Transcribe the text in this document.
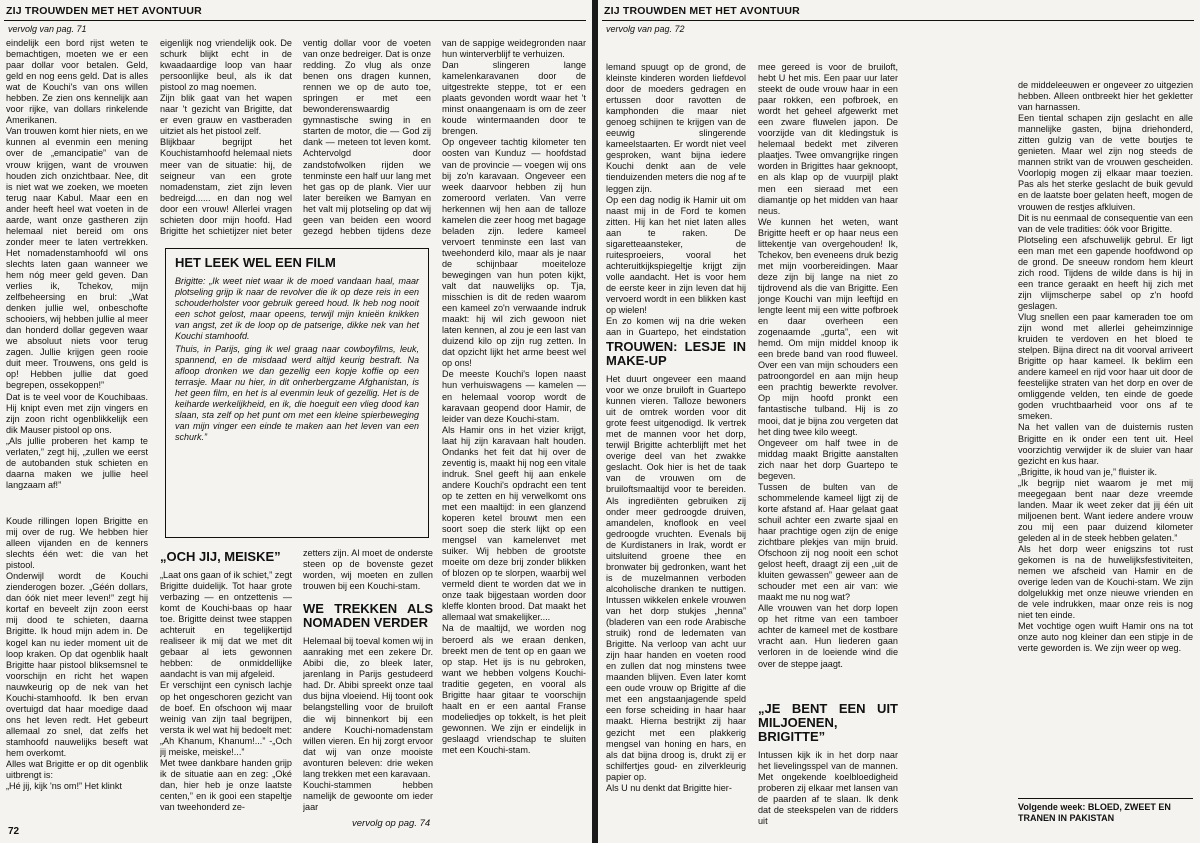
ZIJ TROUWDEN MET HET AVONTUUR
vervolg van pag. 71

eindelijk een bord rijst weten te bemachtigen, moeten we er een paar dollar voor betalen. Geld, geld en nog eens geld. Dat is alles wat de Kouchi's van ons willen hebben. Ze zien ons kennelijk aan voor rijke, van dollars rinkelende Amerikanen.
Van trouwen komt hier niets, en we kunnen al evenmin een mening over de „emancipatie” van de vrouw krijgen, want de vrouwen houden zich onzichtbaar. Nee, dit is niet wat we zoeken, we moeten terug naar Kabul. Maar een en ander heeft heel wat voeten in de aarde, want onze gastheren zijn helemaal niet bereid om ons zonder meer te laten vertrekken. Het nomadenstamhoofd wil ons slechts laten gaan wanneer we hem nóg meer geld geven. Dan verlies ik, Tchekov, mijn zelfbeheersing en brul: „Wat denken jullie wel, onbeschofte schooiers, wij hebben jullie al meer dan honderd dollar gegeven waar we absoluut niets voor terug zagen. Jullie krijgen geen rooie duit meer. Trouwens, ons geld is op! Hebben jullie dat goed begrepen, ossekoppen!”
Dat is te veel voor de Kouchibaas. Hij knipt even met zijn vingers en zijn zoon richt ogenblikkelijk een dik Mauser pistool op ons.
„Als jullie proberen het kamp te verlaten,” zegt hij, „zullen we eerst de autobanden stuk schieten en daarna maken we jullie heel langzaam af!”

Koude rillingen lopen Brigitte en mij over de rug. We hebben hier alleen vijanden en de kenners slechts één wet: die van het pistool.
Onderwijl wordt de Kouchi zienderogen bozer. „Géén dollars, dan óók niet meer leven!” zegt hij kortaf en beveelt zijn zoon eerst mij dood te schieten, daarna Brigitte. Ik houd mijn adem in. De kogel kan nu ieder moment uit de loop kraken. Op dat ogenblik haalt Brigitte haar pistool bliksemsnel te voorschijn en richt het wapen nauwkeurig op de nek van het Kouchi-stamhoofd. Ik ben ervan overtuigd dat haar moedige daad ons het leven redt. Het gebeurt allemaal zo snel, dat zelfs het stamhoofd nauwelijks beseft wat hem overkomt.
Alles wat Brigitte er op dit ogenblik uitbrengt is:
„Hé jij, kijk 'ns om!” Het klinkt

eigenlijk nog vriendelijk ook. De schurk blijkt echt in de kwaadaardige loop van haar persoonlijke beul, als ik dat pistool zo mag noemen.
Zijn blik gaat van het wapen naar 't gezicht van Brigitte, dat er even grauw en vastberaden uitziet als het pistool zelf.
Blijkbaar begrijpt het Kouchistamhoofd helemaal niets meer van de situatie: hij, de seigneur van een grote nomadenstam, ziet zijn leven bedreigd...... en dan nog wel door een vrouw! Allerlei vragen schieten door mijn hoofd. Had Brigitte het schietijzer niet beter

ventig dollar voor de voeten van onze bedreiger. Dat is onze redding. Zo vlug als onze benen ons dragen kunnen, rennen we op de auto toe, springen er met een bewonderenswaardig gymnastische swing in en starten de motor, die — God zij dank — meteen tot leven komt. Achtervolgd door zandstofwolken rijden we tenminste een half uur lang met het gas op de plank. Vier uur later bereiken we Bamyan en het valt mij plotseling op dat wij geen van beiden een woord gezegd hebben tijdens deze

van de sappige weidegronden naar hun winterverblijf te verhuizen.
Dan slingeren lange kamelenkaravanen door de uitgestrekte steppe, tot er een plaats gevonden wordt waar het 't minst onaangenaam is om de zeer koude wintermaanden door te brengen.
Op ongeveer tachtig kilometer ten oosten van Kunduz — hoofdstad van de provincie — voegen wij ons bij zo'n karavaan. Ongeveer een week daarvoor hebben zij hun zomeroord verlaten. Van verre herkennen wij hen aan de talloze kamelen die zeer hoog met bagage beladen zijn. Iedere kameel vervoert tenminste een last van tweehonderd kilo, maar als je naar de schijnbaar moeiteloze bewegingen van hun poten kijkt, valt dat nauwelijks op. Tja, misschien is dit de reden waarom een kameel zo'n verwaande indruk maakt: hij wil zich gewoon niet laten kennen, al zou je een last van duizend kilo op zijn rug zetten. In dat opzicht lijkt het arme beest wel op ons!
De meeste Kouchi's lopen naast hun verhuiswagens — kamelen — en helemaal voorop wordt de karavaan geopend door Hamir, de leider van deze Kouchi-stam.
Als Hamir ons in het vizier krijgt, laat hij zijn karavaan halt houden. Ondanks het feit dat hij over de zeventig is, maakt hij nog een vitale indruk. Snel geeft hij aan enkele andere Kouchi's opdracht een tent op te zetten en hij verwelkomt ons met een maaltijd: in een glanzend koperen ketel brouwt men een soort soep die sterk lijkt op een mengsel van kamelenvet met suiker. Wij hebben de grootste moeite om deze brij zonder blikken of blozen op te slorpen, waarbij wel vermeld dient te worden dat we in onze taak bijgestaan worden door kleffe klonten brood. Dat maakt het allemaal wat smakelijker....
Na de maaltijd, we worden nog beroerd als we eraan denken, breekt men de tent op en gaan we op stap. Het ijs is nu gebroken, want we hebben volgens Kouchi-traditie gegeten, en vooral als Brigitte haar gitaar te voorschijn haalt en er een aantal Franse modeliedjes op tokkelt, is het pleit gewonnen. We zijn er eindelijk in geslaagd vriendschap te sluiten met een Kouchi-stam.

HET LEEK WEL EEN FILM

Brigitte: „Ik weet niet waar ik de moed vandaan haal, maar plotseling grijp ik naar de revolver die ik op deze reis in een schouderholster voor gebruik gereed houd. Ik heb nog nooit een schot gelost, maar opeens, terwijl mijn knieën knikken van angst, zet ik de loop op de patserige, dikke nek van het Kouchi stamhoofd.

Thuis, in Parijs, ging ik wel graag naar cowboyfilms, leuk, spannend, en de misdaad werd altijd keurig bestraft. Na afloop dronken we dan gezellig een kopje koffie op een terrasje. Maar nu hier, in dit onherbergzame Afghanistan, is het geen film, en het is al evenmin leuk of gezellig. Het is de keiharde werkelijkheid, en ik, die hoeguit een vlieg dood kan slaan, sta zelf op het punt om met een kleine spierbeweging van mijn vinger een einde te maken aan het leven van een schurk.”

„OCH JIJ, MEISKE”

„Laat ons gaan of ik schiet,” zegt Brigitte duidelijk. Tot haar grote verbazing — en ontzettenis — komt de Kouchi-baas op haar toe. Brigitte deinst twee stappen achteruit en tegelijkertijd realiseer ik mij dat we met dit gebaar al iets gewonnen hebben: de onmiddellijke aandacht is van mij afgeleid.
Er verschijnt een cynisch lachje op het ongeschoren gezicht van de boef. En ofschoon wij maar weinig van zijn taal begrijpen, versta ik wel wat hij bedoelt met: „Ah Khanum, Khanum!...” -„Och jij meiske, meiske!...”
Met twee dankbare handen grijp ik de situatie aan en zeg: „Oké dan, hier heb je onze laatste centen,” en ik gooi een stapeltje van tweehonderd ze-

zetters zijn. Al moet de onderste steen op de bovenste gezet worden, wij moeten en zullen trouwen bij een Kouchi-stam.

WE TREKKEN ALS NOMADEN VERDER

Helemaal bij toeval komen wij in aanraking met een zekere Dr. Abibi die, zo bleek later, jarenlang in Parijs gestudeerd had. Dr. Abibi spreekt onze taal dus bijna vloeiend. Hij toont ook belangstelling voor de bruiloft die wij binnenkort bij een andere Kouchi-nomadenstam willen vieren. En hij zorgt ervoor dat wij van onze mooiste avonturen beleven: drie weken lang trekken met een karavaan.
Kouchi-stammen hebben namelijk de gewoonte om ieder jaar

vervolg op pag. 74
72
ZIJ TROUWDEN MET HET AVONTUUR
vervolg van pag. 72

lemand spuugt op de grond, de kleinste kinderen worden liefdevol door de moeders gedragen en ertussen door ravotten de kamphonden die maar niet genoeg schijnen te krijgen van de eeuwig slingerende kameelstaarten. Er wordt niet veel gesproken, want bijna iedere Kouchi denkt aan de vele tienduizenden meters die nog af te leggen zijn.
Op een dag nodig ik Hamir uit om naast mij in de Ford te komen zitten. Hij kan het niet laten alles aan te raken. De sigaretteaansteker, de ruitesproeiers, vooral het achteruitkijkspiegeltje krijgt zijn volle aandacht. Het is voor hem de eerste keer in zijn leven dat hij vervoerd wordt in een blikken kast op wielen!
En zo komen wij na drie weken aan in Guartepo, het eindstation

TROUWEN: LESJE IN MAKE-UP

Het duurt ongeveer een maand voor we onze bruiloft in Guartepo kunnen vieren. Talloze bewoners uit de omtrek worden voor dit grote feest uitgenodigd. Ik vertrek met de mannen voor het dorp, terwijl Brigitte achterblijft met het overige deel van het zwakke geslacht. Ook hier is het de taak van de vrouwen om de bruiloftsmaaltijd voor te bereiden. Als ingrediënten gebruiken zij onder meer gedroogde druiven, amandelen, knoflook en veel gedroogde vruchten. Evenals bij de Kurdistaners in Irak, wordt er uitsluitend groene thee en bronwater bij gedronken, want het is de muzelmannen verboden alcoholische dranken te nuttigen. Intussen wikkelen enkele vrouwen van het dorp stukjes „henna” (bladeren van een rode Arabische struik) rond de ledematen van Brigitte. Na verloop van acht uur zijn haar handen en voeten rood en zullen dat nog minstens twee maanden blijven. Even later komt een oude vrouw op Brigitte af die met een angstaanjagende speld een forse scheiding in haar haar maakt. Hierna bestrijkt zij haar gezicht met een plakkerig mengsel van honing en hars, en als dat bijna droog is, drukt zij er schilfertjes goud- en zilverkleurig papier op.
Als U nu denkt dat Brigitte hier-

mee gereed is voor de bruiloft, hebt U het mis. Een paar uur later steekt de oude vrouw haar in een paar rokken, een pofbroek, en wordt het geheel afgewerkt met een zware fluwelen japon. De voorzijde van dit kledingstuk is helemaal bedekt met zilveren plaatjes. Twee omvangrijke ringen worden in Brigittes haar geknoopt, en als klap op de vuurpijl plakt men een sieraad met een diamantje op het midden van haar neus.
We kunnen het weten, want Brigitte heeft er op haar neus een littekentje van overgehouden! Ik, Tchekov, ben eveneens druk bezig met mijn voorbereidingen. Maar deze zijn bij lange na niet zo tijdrovend als die van Brigitte. Een jonge Kouchi van mijn leeftijd en lengte leent mij een witte pofbroek en daar overheen een zogenaamde „gurta”, een wit hemd. Om mijn middel knoop ik een brede band van rood fluweel. Over een van mijn schouders een patroongordel en aan mijn heup een prachtig bewerkte revolver. Op mijn hoofd pronkt een fantastische tulband. Hij is zo mooi, dat je bijna zou vergeten dat het ding twee kilo weegt.
Ongeveer om half twee in de middag maakt Brigitte aanstalten zich naar het dorp Guartepo te begeven.
Tussen de bulten van de schommelende kameel lijgt zij de korte afstand af. Haar gelaat gaat schuil achter een zwarte sjaal en haar prachtige ogen zijn de enige zichtbare plekjes van mijn bruid. Ofschoon zij nog nooit een schot gelost heeft, draagt zij een „uit de kluiten gewassen” geweer aan de schouder met een air van: wie maakt me nu nog wat?
Alle vrouwen van het dorp lopen op het ritme van een tamboer achter de kameel met de kostbare vracht aan. Hun liederen gaan verloren in de loeiende wind die over de steppe jaagt.

„JE BENT EEN UIT MILJOENEN, BRIGITTE”

Intussen kijk ik in het dorp naar het lievelingsspel van de mannen. Met ongekende koelbloedigheid proberen zij elkaar met lansen van de paarden af te slaan. Ik denk dat de steekspelen van de ridders uit

de middeleeuwen er ongeveer zo uitgezien hebben. Alleen ontbreekt hier het gekletter van harnassen.
Een tiental schapen zijn geslacht en alle mannelijke gasten, bijna driehonderd, zitten gulzig van de vette boutjes te genieten. Maar wel zijn nog steeds de mannen strikt van de vrouwen gescheiden. Voorlopig mogen zij elkaar maar toezien. Pas als het sterke geslacht de buik gevuld en de laatste boer gelaten heeft, mogen de vrouwen de restjes afkluiven.
Dit is nu eenmaal de consequentie van een van de vele tradities: óók voor Brigitte.
Plotseling een afschuwelijk gebrul. Er ligt een man met een gapende hoofdwond op de grond. De sneeuw rondom hem kleurt zich rood. Tijdens de wilde dans is hij in een trance geraakt en heeft hij zich met zijn vlijmscherpe sabel op z'n hoofd geslagen.
Vlug snellen een paar kameraden toe om zijn wond met allerlei geheimzinnige kruiden te verdoven en het bloed te stelpen. Bijna direct na dit voorval arriveert Brigitte op haar kameel. Ik beklim een andere kameel en rijd voor haar uit door de feestelijke straten van het dorp en over de omliggende velden, ten einde de goede goden vruchtbaarheid voor ons af te smeken.
Na het vallen van de duisternis rusten Brigitte en ik onder een tent uit. Heel voorzichtig verwijder ik de sluier van haar gezicht en kus haar.
„Brigitte, ik houd van je,” fluister ik.
„Ik begrijp niet waarom je met mij meegegaan bent naar deze vreemde landen. Maar ik weet zeker dat jij één uit miljoenen bent. Want iedere andere vrouw zou mij een paar duizend kilometer geleden al in de steek hebben gelaten.”
Als het dorp weer enigszins tot rust gekomen is na de huwelijksfestiviteiten, nemen we afscheid van Hamir en de overige leden van de Kouchi-stam. We zijn dolgelukkig met onze nieuwe vrienden en de vele indrukken, maar onze reis is nog niet ten einde.
Met vochtige ogen wuift Hamir ons na tot onze auto nog kleiner dan een stipje in de verte geworden is. We zijn weer op weg.

Volgende week: BLOED, ZWEET EN TRANEN IN PAKISTAN
